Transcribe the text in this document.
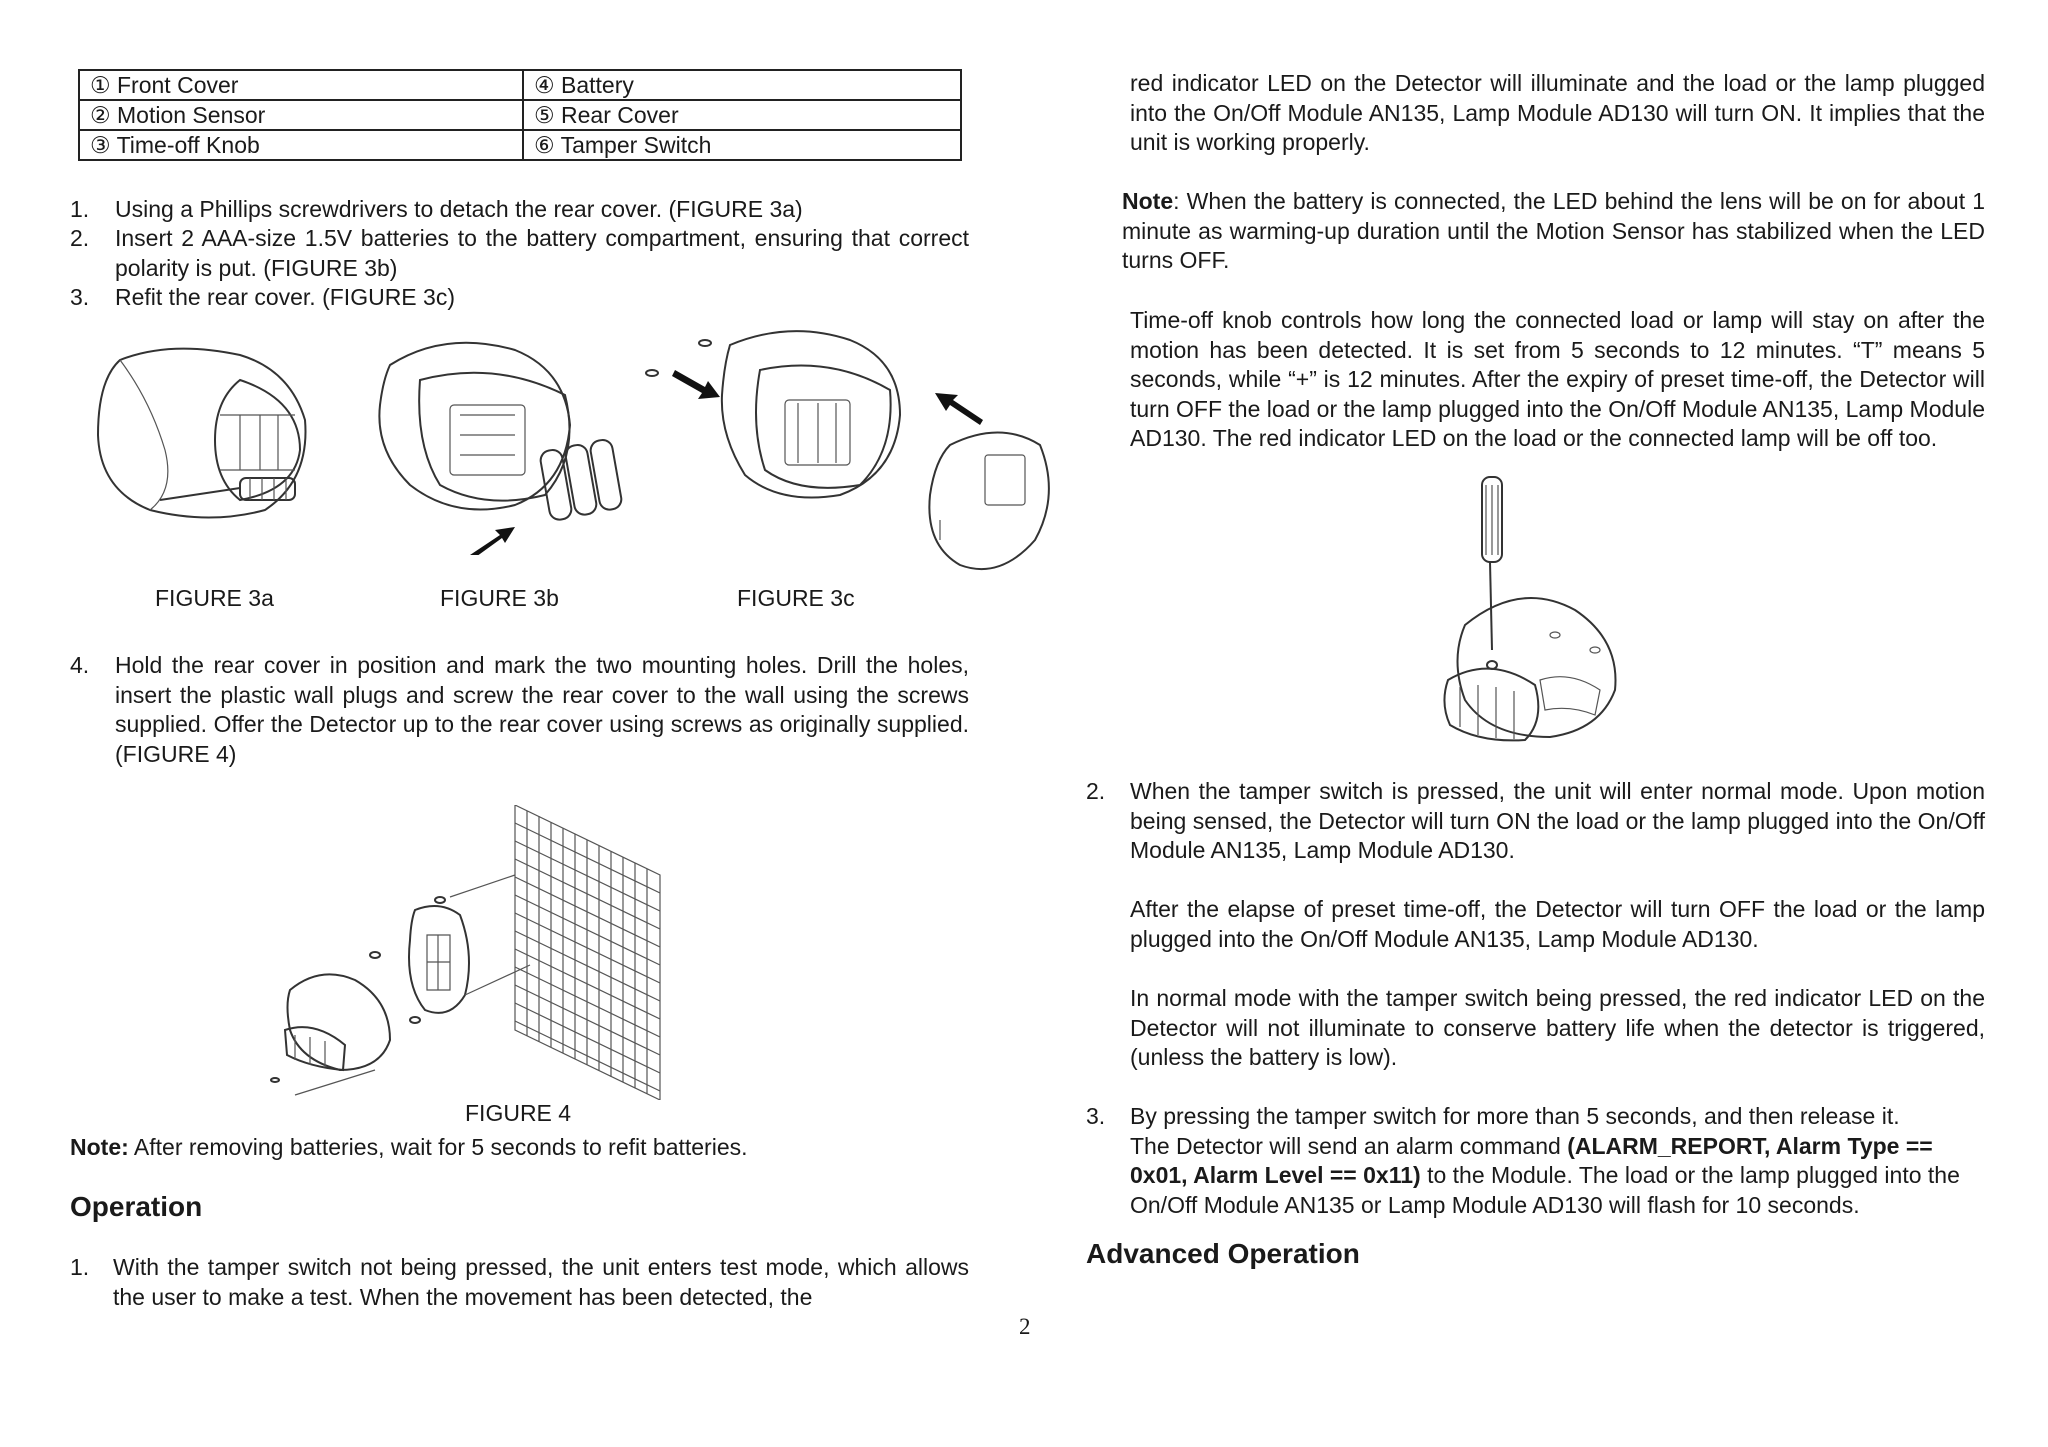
① Front Cover	④ Battery
② Motion Sensor	⑤ Rear Cover
③ Time-off Knob	⑥ Tamper Switch
1. Using a Phillips screwdrivers to detach the rear cover. (FIGURE 3a)
2. Insert 2 AAA-size 1.5V batteries to the battery compartment, ensuring that correct polarity is put. (FIGURE 3b)
3. Refit the rear cover. (FIGURE 3c)
FIGURE 3a	FIGURE 3b	FIGURE 3c
4. Hold the rear cover in position and mark the two mounting holes. Drill the holes, insert the plastic wall plugs and screw the rear cover to the wall using the screws supplied. Offer the Detector up to the rear cover using screws as originally supplied. (FIGURE 4)
FIGURE 4
Note: After removing batteries, wait for 5 seconds to refit batteries.
Operation
1. With the tamper switch not being pressed, the unit enters test mode, which allows the user to make a test. When the movement has been detected, the
2
red indicator LED on the Detector will illuminate and the load or the lamp plugged into the On/Off Module AN135, Lamp Module AD130 will turn ON. It implies that the unit is working properly.
Note: When the battery is connected, the LED behind the lens will be on for about 1 minute as warming-up duration until the Motion Sensor has stabilized when the LED turns OFF.
Time-off knob controls how long the connected load or lamp will stay on after the motion has been detected. It is set from 5 seconds to 12 minutes. “T” means 5 seconds, while “+” is 12 minutes. After the expiry of preset time-off, the Detector will turn OFF the load or the lamp plugged into the On/Off Module AN135, Lamp Module AD130. The red indicator LED on the load or the connected lamp will be off too.
2. When the tamper switch is pressed, the unit will enter normal mode. Upon motion being sensed, the Detector will turn ON the load or the lamp plugged into the On/Off Module AN135, Lamp Module AD130.
After the elapse of preset time-off, the Detector will turn OFF the load or the lamp plugged into the On/Off Module AN135, Lamp Module AD130.
In normal mode with the tamper switch being pressed, the red indicator LED on the Detector will not illuminate to conserve battery life when the detector is triggered, (unless the battery is low).
3. By pressing the tamper switch for more than 5 seconds, and then release it.
The Detector will send an alarm command (ALARM_REPORT, Alarm Type == 0x01, Alarm Level == 0x11) to the Module. The load or the lamp plugged into the On/Off Module AN135 or Lamp Module AD130 will flash for 10 seconds.
Advanced Operation
